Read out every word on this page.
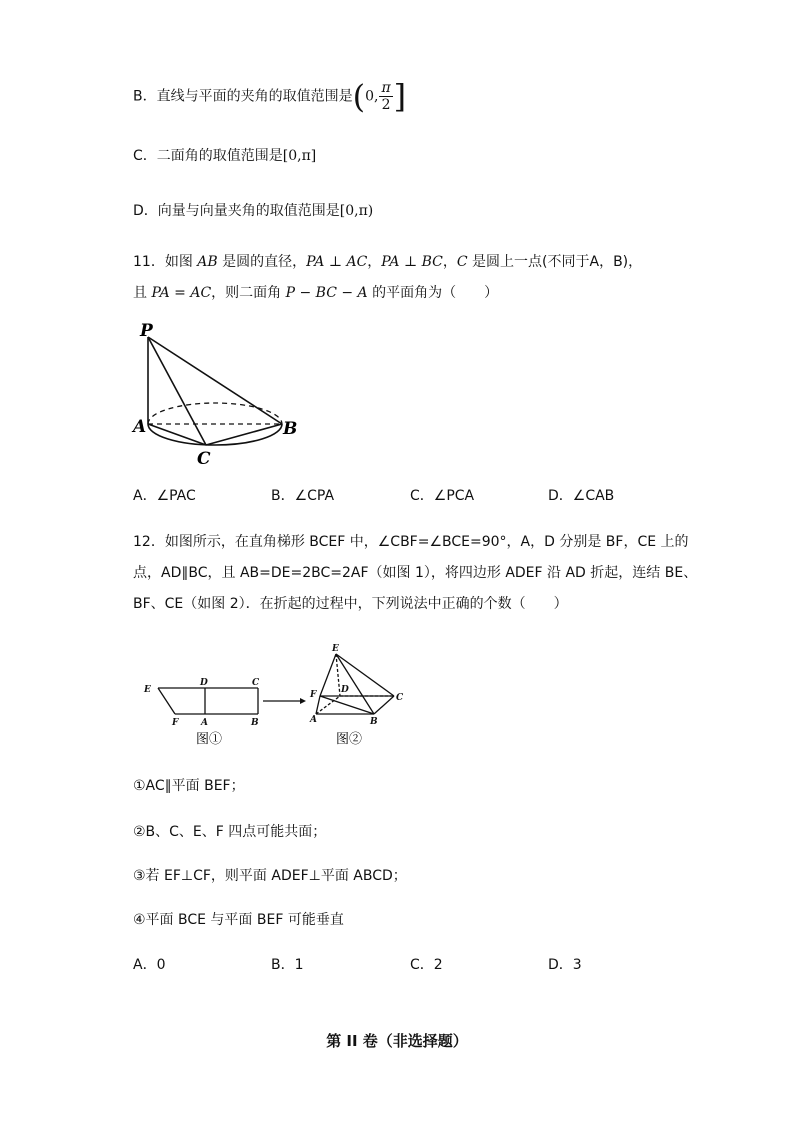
B．直线与平面的夹角的取值范围是(0, $\frac{\pi}{2}$ ]
C．二面角的取值范围是[0,π]
D．向量与向量夹角的取值范围是[0,π)
11．如图 AB 是圆的直径，PA ⊥ AC，PA ⊥ BC，C 是圆上一点(不同于A，B)，
且 PA = AC，则二面角 P − BC − A 的平面角为（　　）
P
A	B
C
A．∠PAC	B．∠CPA	C．∠PCA	D．∠CAB
12．如图所示，在直角梯形 BCEF 中，∠CBF=∠BCE=90°，A，D 分别是 BF，CE 上的
点，AD∥BC，且 AB=DE=2BC=2AF（如图 1），将四边形 ADEF 沿 AD 折起，连结 BE、
BF、CE（如图 2）．在折起的过程中，下列说法中正确的个数（　　）
E
D	C
F	A	B
图①
E
D
C
F
A	B
图②
①AC∥平面 BEF；
②B、C、E、F 四点可能共面；
③若 EF⊥CF，则平面 ADEF⊥平面 ABCD；
④平面 BCE 与平面 BEF 可能垂直
A．0	B．1	C．2	D．3
第 II 卷（非选择题）
